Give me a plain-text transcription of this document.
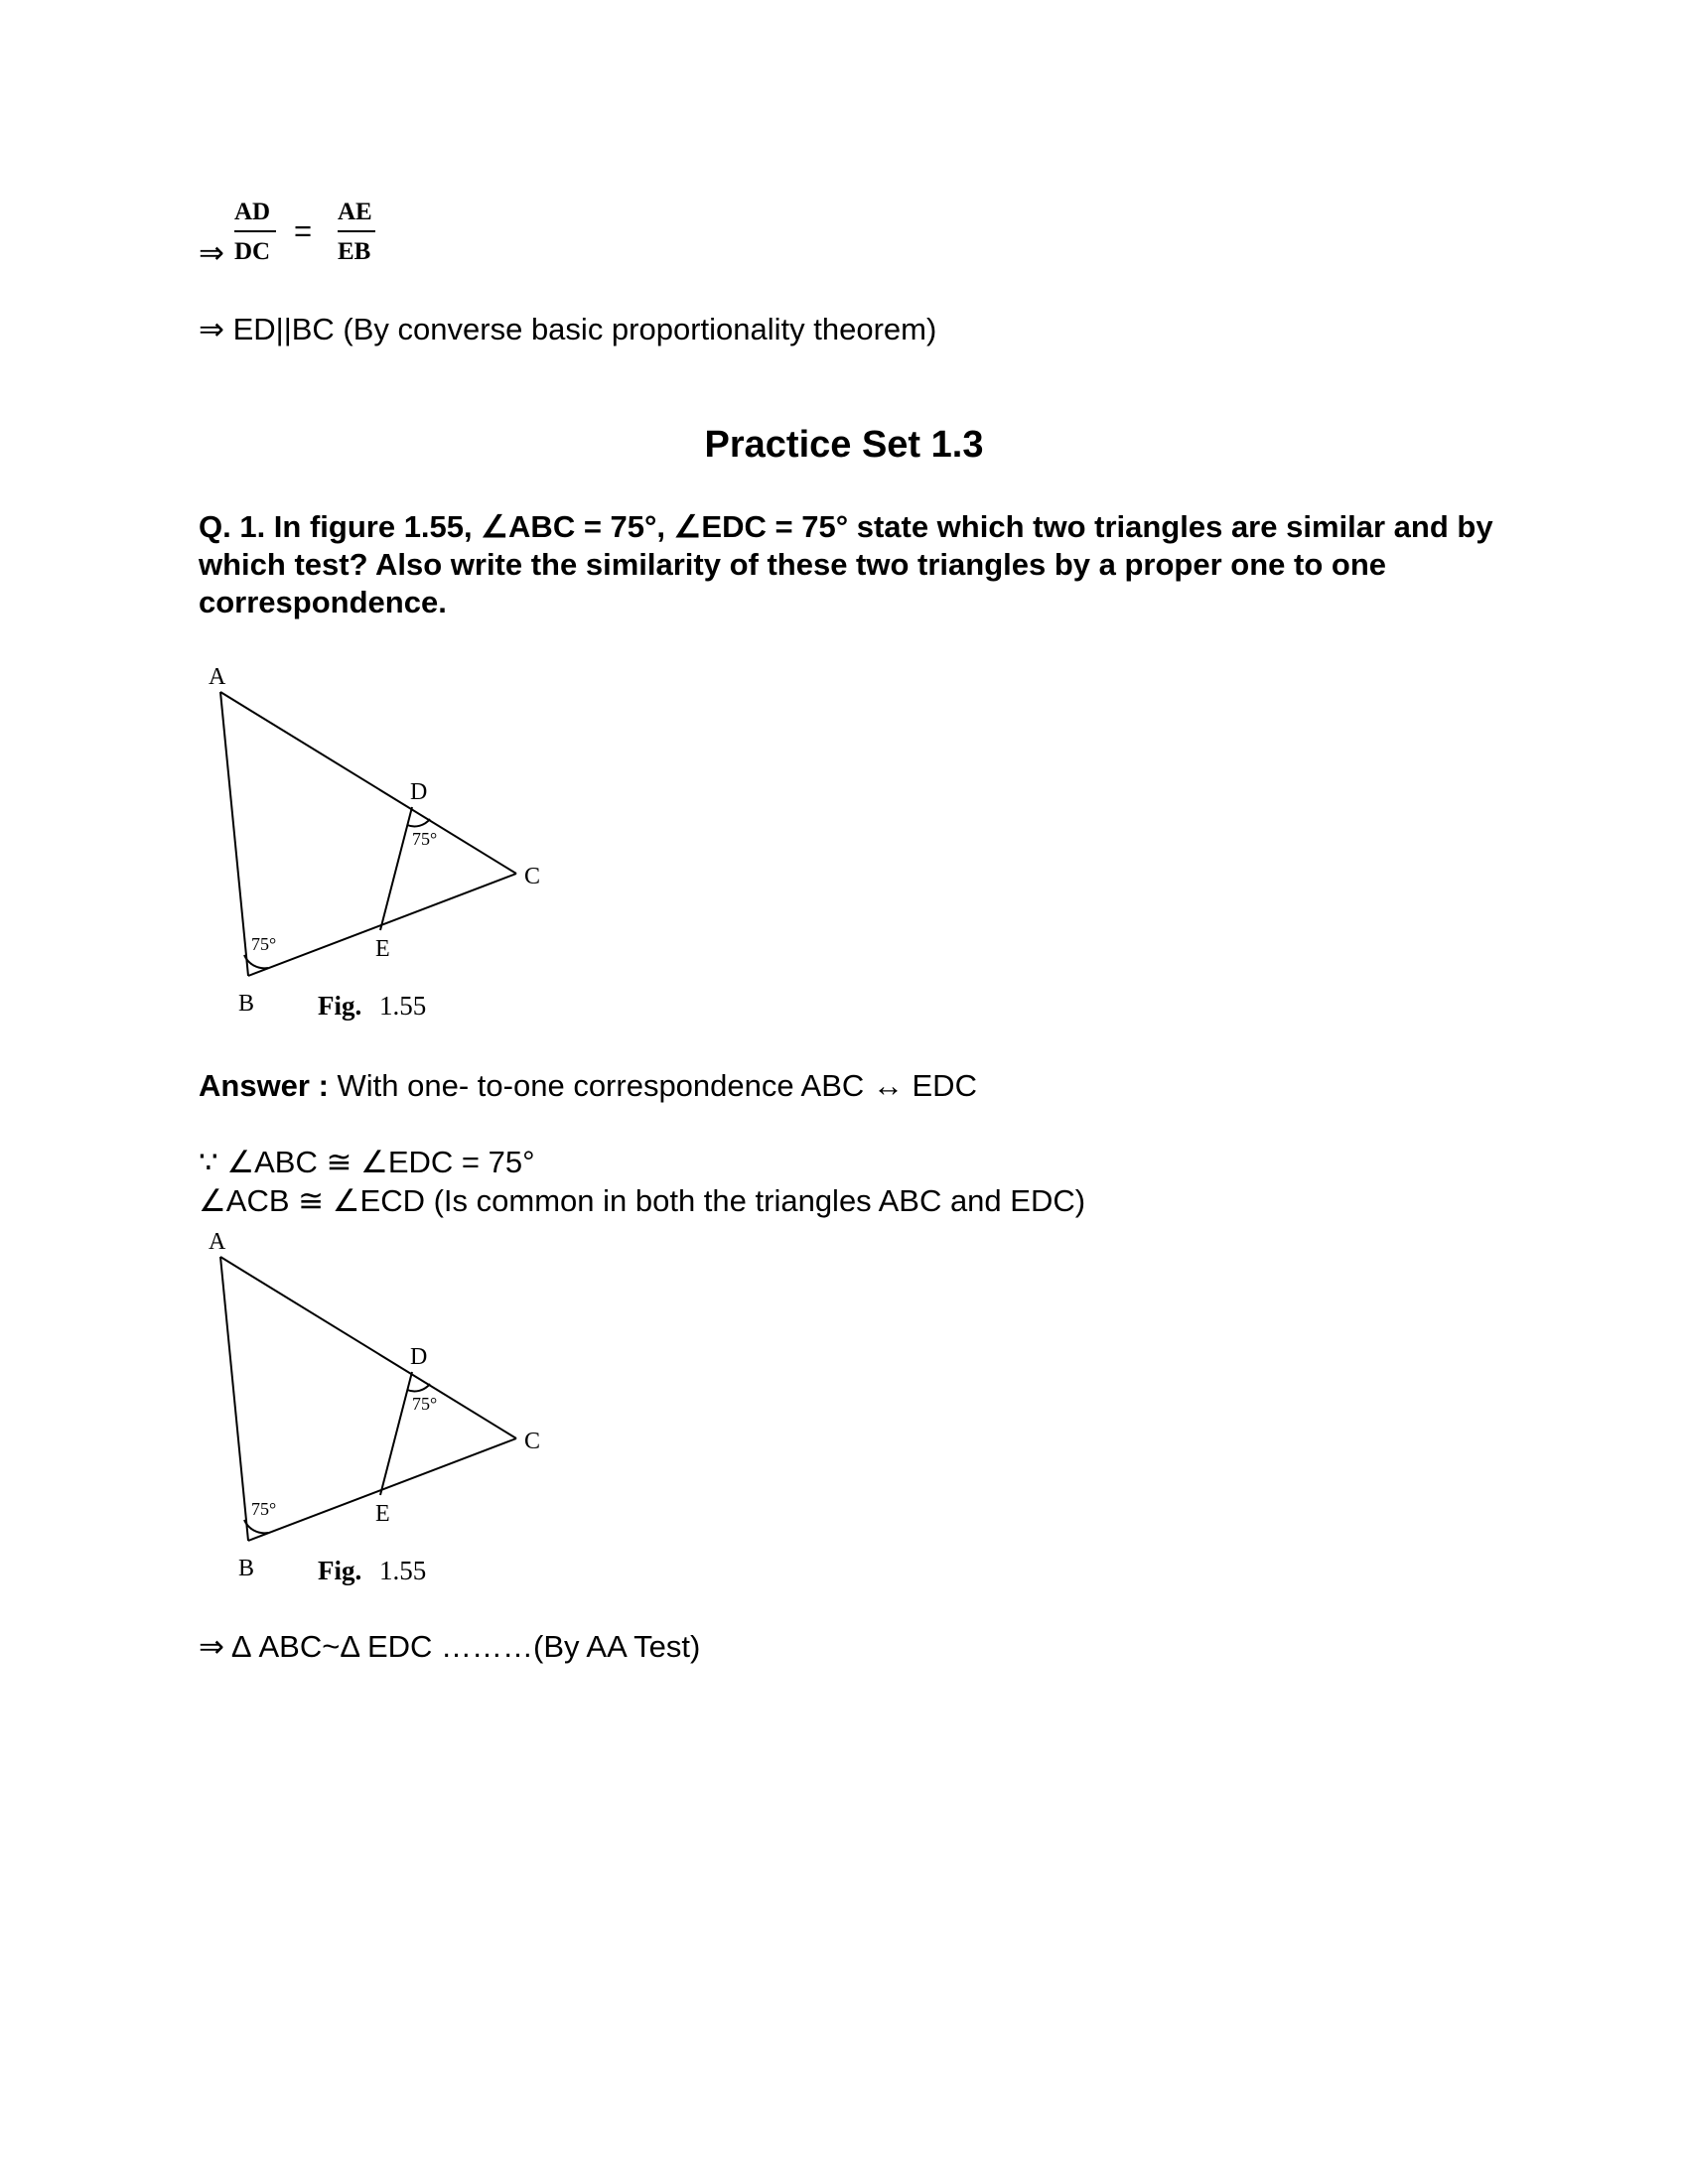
⇒
AD
DC
=
AE
EB
⇒ ED||BC (By converse basic proportionality theorem)
Practice Set 1.3
Q. 1. In figure 1.55, ∠ABC = 75°, ∠EDC = 75° state which two triangles are similar and by which test? Also write the similarity of these two triangles by a proper one to one correspondence.
A
D
C
E
B
75°
75°
Fig. 1.55
Answer : With one- to-one correspondence ABC ↔ EDC
∵ ∠ABC ≅ ∠EDC = 75°
∠ACB ≅ ∠ECD (Is common in both the triangles ABC and EDC)
A
D
C
E
B
75°
75°
Fig. 1.55
⇒ Δ ABC~Δ EDC ………(By AA Test)
